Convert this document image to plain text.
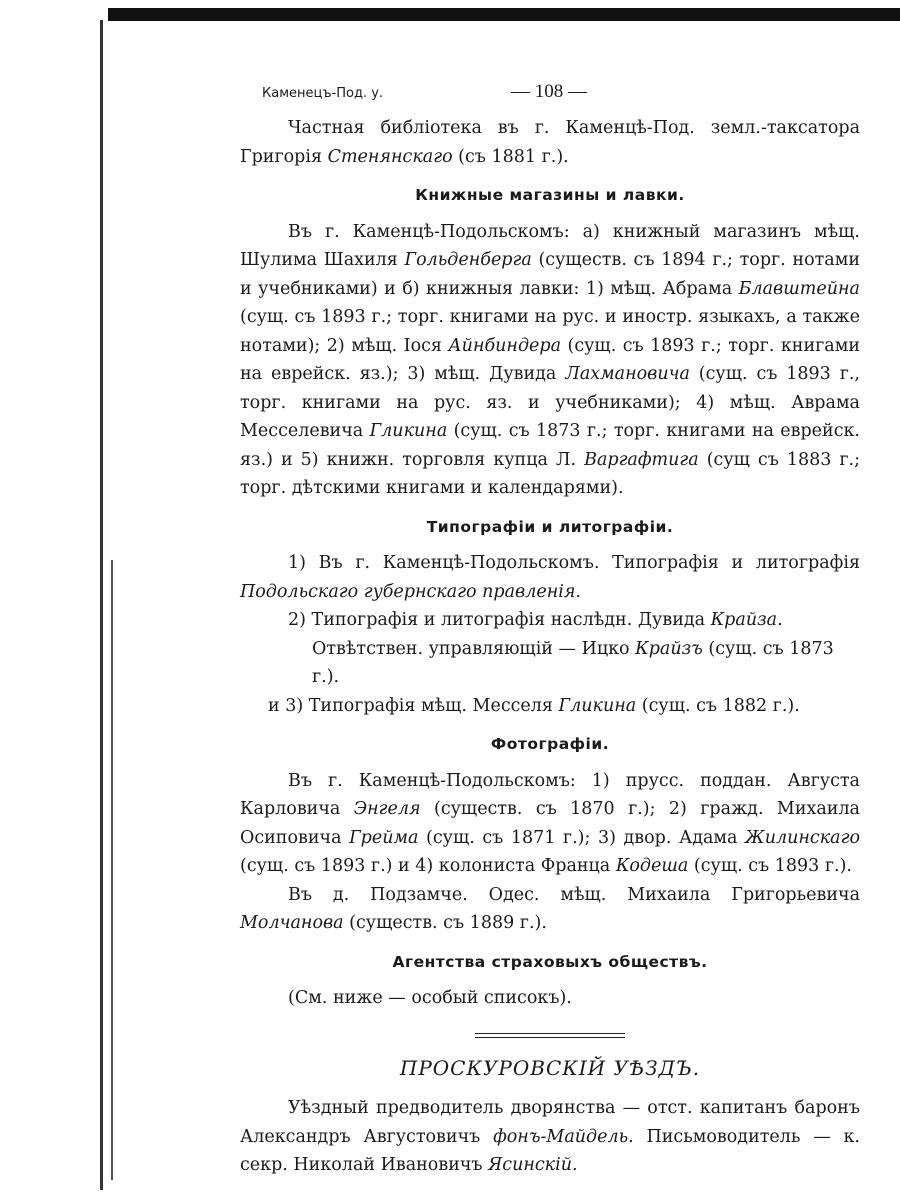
Каменецъ-Под. у.	— 108 —

Частная библіотека въ г. Каменцѣ-Под. земл.-таксатора Григорія Стенянскаго (съ 1881 г.).

Книжные магазины и лавки.

Въ г. Каменцѣ-Подольскомъ: а) книжный магазинъ мѣщ. Шулима Шахиля Гольденберга (существ. съ 1894 г.; торг. нотами и учебниками) и б) книжныя лавки: 1) мѣщ. Абрама Блавштейна (сущ. съ 1893 г.; торг. книгами на рус. и иностр. языкахъ, а также нотами); 2) мѣщ. Іося Айнбиндера (сущ. съ 1893 г.; торг. книгами на еврейск. яз.); 3) мѣщ. Дувида Лахмановича (сущ. съ 1893 г., торг. книгами на рус. яз. и учебниками); 4) мѣщ. Аврама Месселевича Гликина (сущ. съ 1873 г.; торг. книгами на еврейск. яз.) и 5) книжн. торговля купца Л. Варгафтига (сущ съ 1883 г.; торг. дѣтскими книгами и календарями).

Типографіи и литографіи.

1) Въ г. Каменцѣ-Подольскомъ. Типографія и литографія Подольскаго губернскаго правленія.

2) Типографія и литографія наслѣдн. Дувида Крайза.

Отвѣтствен. управляющій — Ицко Крайзъ (сущ. съ 1873 г.).

и 3) Типографія мѣщ. Месселя Гликина (сущ. съ 1882 г.).

Фотографіи.

Въ г. Каменцѣ-Подольскомъ: 1) прусс. поддан. Августа Карловича Энгеля (существ. съ 1870 г.); 2) гражд. Михаила Осиповича Грейма (сущ. съ 1871 г.); 3) двор. Адама Жилинскаго (сущ. съ 1893 г.) и 4) колониста Франца Кодеша (сущ. съ 1893 г.).

Въ д. Подзамче. Одес. мѣщ. Михаила Григорьевича Молчанова (существ. съ 1889 г.).

Агентства страховыхъ обществъ.

(См. ниже — особый списокъ).

ПРОСКУРОВСКІЙ УѢЗДЪ.

Уѣздный предводитель дворянства — отст. капитанъ баронъ Александръ Августовичъ фонъ-Майдель. Письмоводитель — к. секр. Николай Ивановичъ Ясинскій.
